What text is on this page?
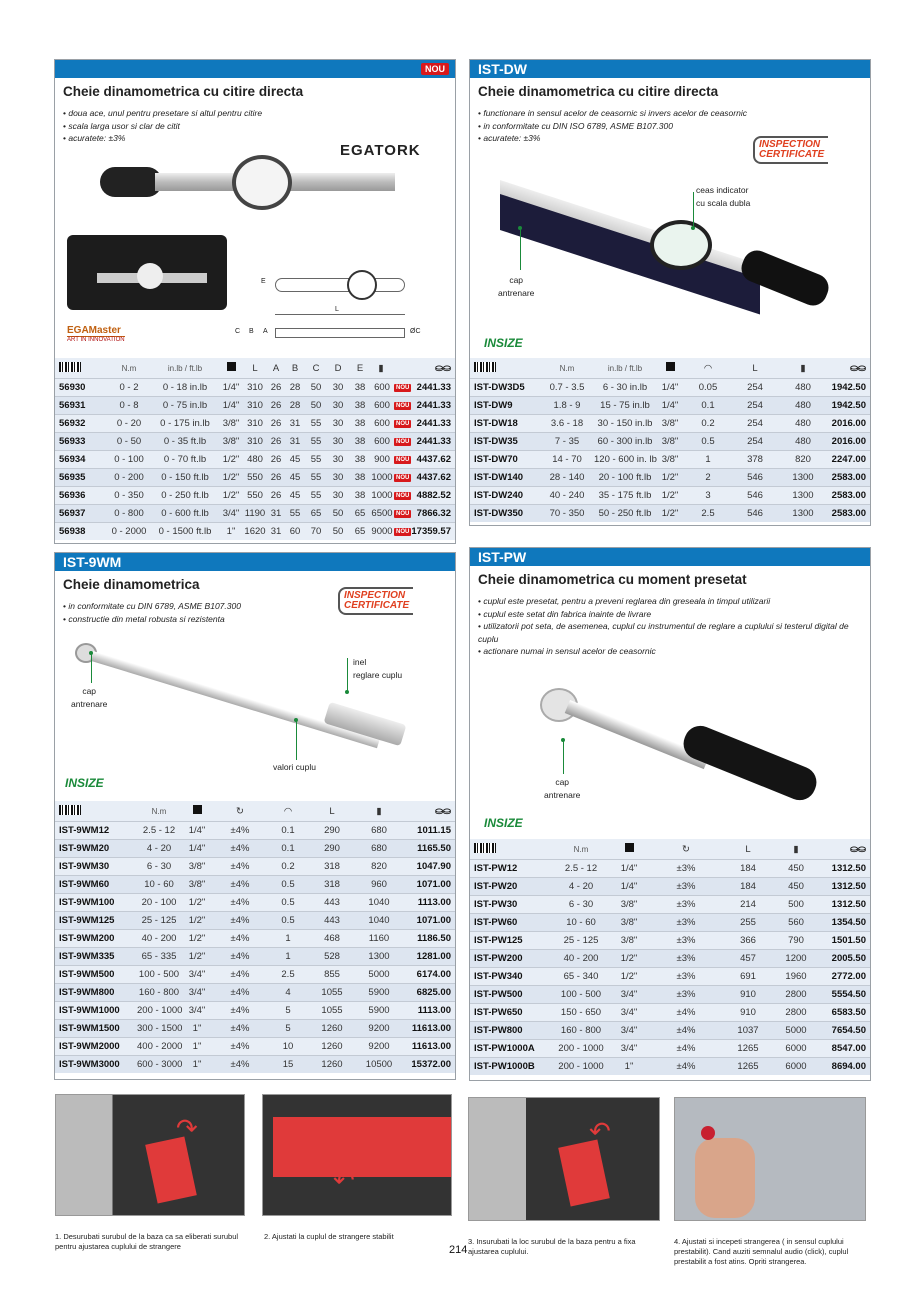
NOU
Cheie dinamometrica cu citire directa
• doua ace, unul pentru presetare si altul pentru citire
• scala larga usor si clar de citit
• acuratete: ±3%
EGATORK
EGAMaster
ART IN INNOVATION
L
C B A	ØC
E
N.m	in.lb / ft.lb	L	A	B	C	D	E	▮	⛀⛀
56930	0 - 2	0 - 18 in.lb	1/4" 310 26 28	50	30	38 600	NOU 2441.33
56931	0 - 8	0 - 75 in.lb	1/4" 310 26 28	50	30	38 600	NOU 2441.33
56932	0 - 20	0 - 175 in.lb	3/8" 310 26 31	55	30	38 600	NOU 2441.33
56933	0 - 50	0 - 35 ft.lb	3/8" 310 26 31	55	30	38 600	NOU 2441.33
56934	0 - 100	0 - 70 ft.lb	1/2" 480 26 45	55	30	38 900	NOU 4437.62
56935	0 - 200	0 - 150 ft.lb	1/2" 550 26 45	55	30	38 1000 NOU 4437.62
56936	0 - 350	0 - 250 ft.lb	1/2" 550 26 45	55	30	38 1000 NOU 4882.52
56937	0 - 800	0 - 600 ft.lb	3/4" 1190 31 55	65	50	65 6500 NOU 7866.32
56938	0 - 2000	0 - 1500 ft.lb	1" 1620 31 60	70	50	65 9000 NOU 17359.57
IST-DW
Cheie dinamometrica cu citire directa
• functionare in sensul acelor de ceasornic si invers acelor de ceasornic
• in conformitate cu DIN ISO 6789, ASME B107.300
• acuratete: ±3%
INSPECTION
CERTIFICATE
ceas indicator
cu scala dubla
cap
antrenare
INSIZE
N.m	in.lb / ft.lb	◠	L	▮	⛀⛀
IST-DW3D5	0.7 - 3.5	6 - 30 in.lb	1/4"	0.05	254	480	1942.50
IST-DW9	1.8 - 9	15 - 75 in.lb	1/4"	0.1	254	480	1942.50
IST-DW18	3.6 - 18	30 - 150 in.lb 3/8"	0.2	254	480	2016.00
IST-DW35	7 - 35	60 - 300 in.lb 3/8"	0.5	254	480	2016.00
IST-DW70	14 - 70	120 - 600 in. lb 3/8"	1	378	820	2247.00
IST-DW140	28 - 140	20 - 100 ft.lb	1/2"	2	546	1300	2583.00
IST-DW240	40 - 240	35 - 175 ft.lb	1/2"	3	546	1300	2583.00
IST-DW350	70 - 350	50 - 250 ft.lb	1/2"	2.5	546	1300	2583.00
IST-9WM
Cheie dinamometrica
• in conformitate cu DIN 6789, ASME B107.300
• constructie din metal robusta si rezistenta
INSPECTION
CERTIFICATE
cap
antrenare
inel
reglare cuplu
valori cuplu
INSIZE
N.m	↻	◠	L	▮	⛀⛀
IST-9WM12	2.5 - 12	1/4"	±4%	0.1	290	680	1011.15
IST-9WM20	4 - 20	1/4"	±4%	0.1	290	680	1165.50
IST-9WM30	6 - 30	3/8"	±4%	0.2	318	820	1047.90
IST-9WM60	10 - 60	3/8"	±4%	0.5	318	960	1071.00
IST-9WM100	20 - 100	1/2"	±4%	0.5	443	1040	1113.00
IST-9WM125	25 - 125	1/2"	±4%	0.5	443	1040	1071.00
IST-9WM200	40 - 200	1/2"	±4%	1	468	1160	1186.50
IST-9WM335	65 - 335	1/2"	±4%	1	528	1300	1281.00
IST-9WM500	100 - 500	3/4"	±4%	2.5	855	5000	6174.00
IST-9WM800	160 - 800	3/4"	±4%	4	1055	5900	6825.00
IST-9WM1000	200 - 1000 3/4"	±4%	5	1055	5900	1113.00
IST-9WM1500	300 - 1500	1"	±4%	5	1260	9200	11613.00
IST-9WM2000	400 - 2000	1"	±4%	10	1260	9200	11613.00
IST-9WM3000	600 - 3000	1"	±4%	15	1260	10500	15372.00
IST-PW
Cheie dinamometrica cu moment presetat
• cuplul este presetat, pentru a preveni reglarea din greseala in timpul utilizarii
• cuplul este setat din fabrica inainte de livrare
• utilizatorii pot seta, de asemenea, cuplul cu instrumentul de reglare a cuplului si testerul digital de cuplu
• actionare numai in sensul acelor de ceasornic
cap
antrenare
INSIZE
N.m	↻	L	▮	⛀⛀
IST-PW12	2.5 - 12	1/4"	±3%	184	450	1312.50
IST-PW20	4 - 20	1/4"	±3%	184	450	1312.50
IST-PW30	6 - 30	3/8"	±3%	214	500	1312.50
IST-PW60	10 - 60	3/8"	±3%	255	560	1354.50
IST-PW125	25 - 125	3/8"	±3%	366	790	1501.50
IST-PW200	40 - 200	1/2"	±3%	457	1200	2005.50
IST-PW340	65 - 340	1/2"	±3%	691	1960	2772.00
IST-PW500	100 - 500	3/4"	±3%	910	2800	5554.50
IST-PW650	150 - 650	3/4"	±4%	910	2800	6583.50
IST-PW800	160 - 800	3/4"	±4%	1037	5000	7654.50
IST-PW1000A	200 - 1000	3/4"	±4%	1265	6000	8547.00
IST-PW1000B	200 - 1000	1"	±4%	1265	6000	8694.00
↷
↶
↶
1. Desurubati surubul de la baza ca sa eliberati surubul pentru ajustarea cuplului de strangere
2. Ajustati la cuplul de strangere stabilit
3. Insurubati la loc surubul de la baza pentru a fixa ajustarea cuplului.
4. Ajustati si incepeti strangerea ( in sensul cuplului prestabilit). Cand auziti semnalul audio (click), cuplul prestabilit a fost atins. Opriti strangerea.
214
